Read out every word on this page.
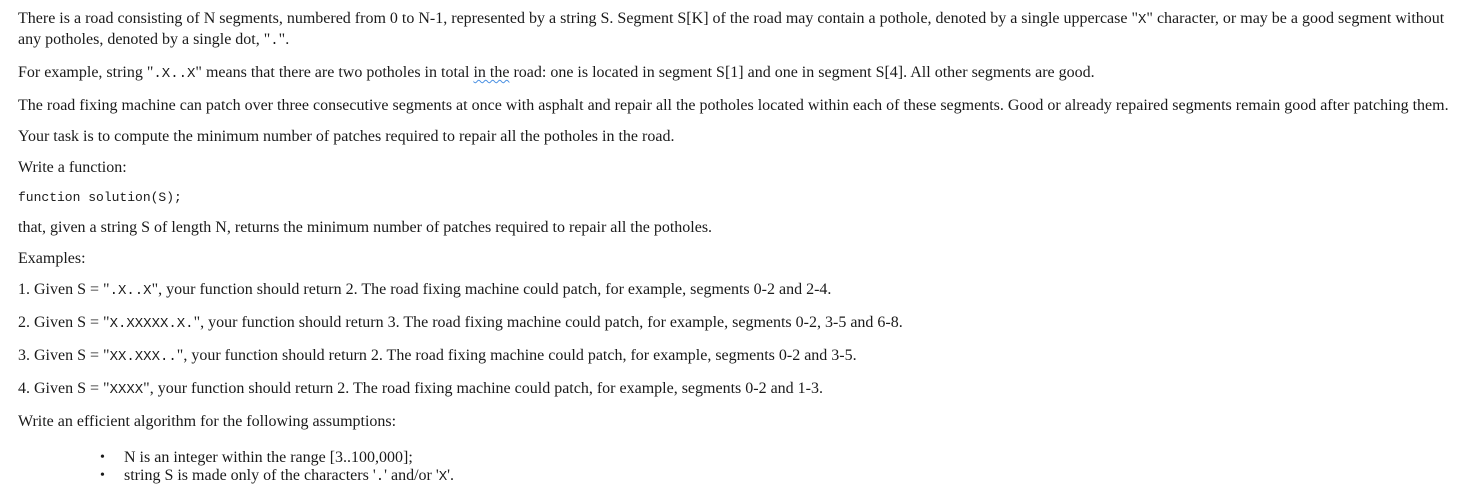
There is a road consisting of N segments, numbered from 0 to N-1, represented by a string S. Segment S[K] of the road may contain a pothole, denoted by a single uppercase "X" character, or may be a good segment without any potholes, denoted by a single dot, ".".

For example, string ".X..X" means that there are two potholes in total in the road: one is located in segment S[1] and one in segment S[4]. All other segments are good.

The road fixing machine can patch over three consecutive segments at once with asphalt and repair all the potholes located within each of these segments. Good or already repaired segments remain good after patching them.

Your task is to compute the minimum number of patches required to repair all the potholes in the road.

Write a function:

function solution(S);

that, given a string S of length N, returns the minimum number of patches required to repair all the potholes.

Examples:

1. Given S = ".X..X", your function should return 2. The road fixing machine could patch, for example, segments 0-2 and 2-4.

2. Given S = "X.XXXXX.X.", your function should return 3. The road fixing machine could patch, for example, segments 0-2, 3-5 and 6-8.

3. Given S = "XX.XXX..", your function should return 2. The road fixing machine could patch, for example, segments 0-2 and 3-5.

4. Given S = "XXXX", your function should return 2. The road fixing machine could patch, for example, segments 0-2 and 1-3.

Write an efficient algorithm for the following assumptions:

• N is an integer within the range [3..100,000];
• string S is made only of the characters '.' and/or 'X'.
